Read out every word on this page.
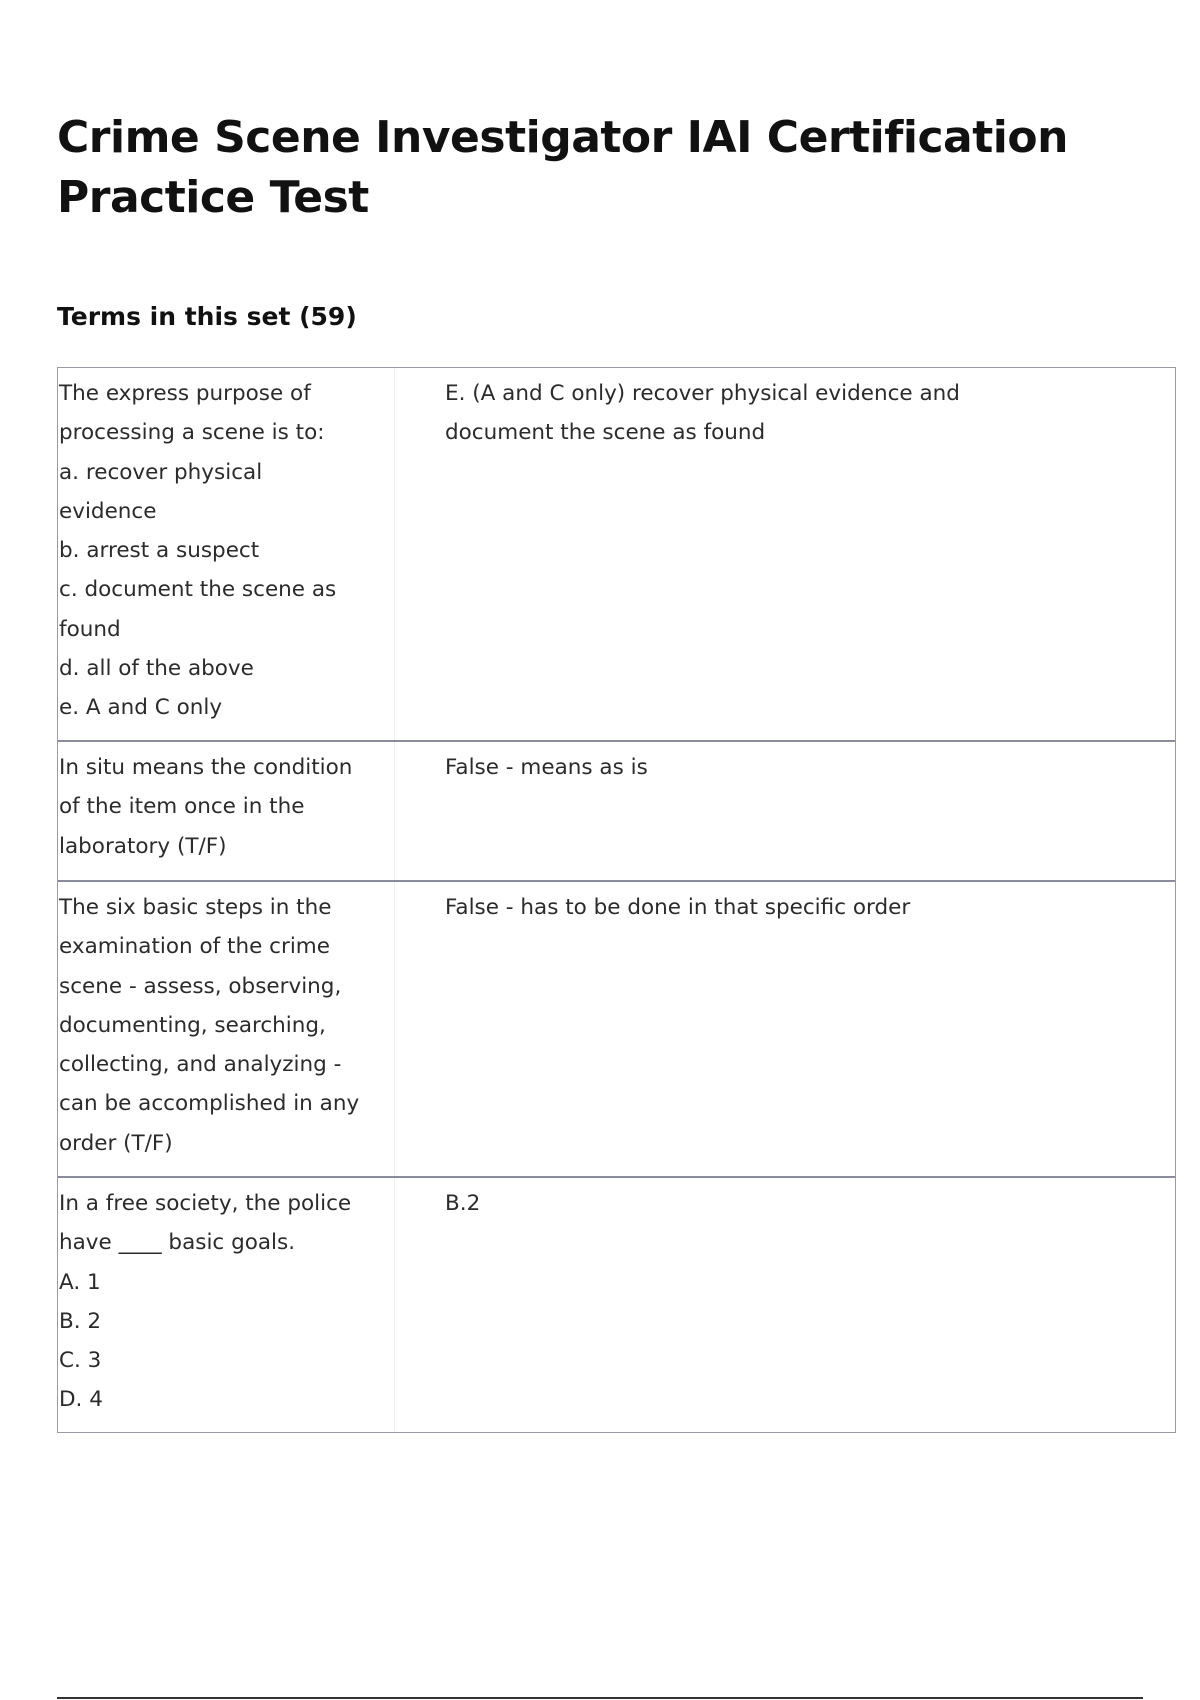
Crime Scene Investigator IAI Certification Practice Test
Terms in this set (59)
The express purpose of
processing a scene is to:
a. recover physical
evidence
b. arrest a suspect
c. document the scene as
found
d. all of the above
e. A and C only
E. (A and C only) recover physical evidence and
document the scene as found
In situ means the condition
of the item once in the
laboratory (T/F)
False - means as is
The six basic steps in the
examination of the crime
scene - assess, observing,
documenting, searching,
collecting, and analyzing -
can be accomplished in any
order (T/F)
False - has to be done in that specific order
In a free society, the police
have ____ basic goals.
A. 1
B. 2
C. 3
D. 4
B.2
